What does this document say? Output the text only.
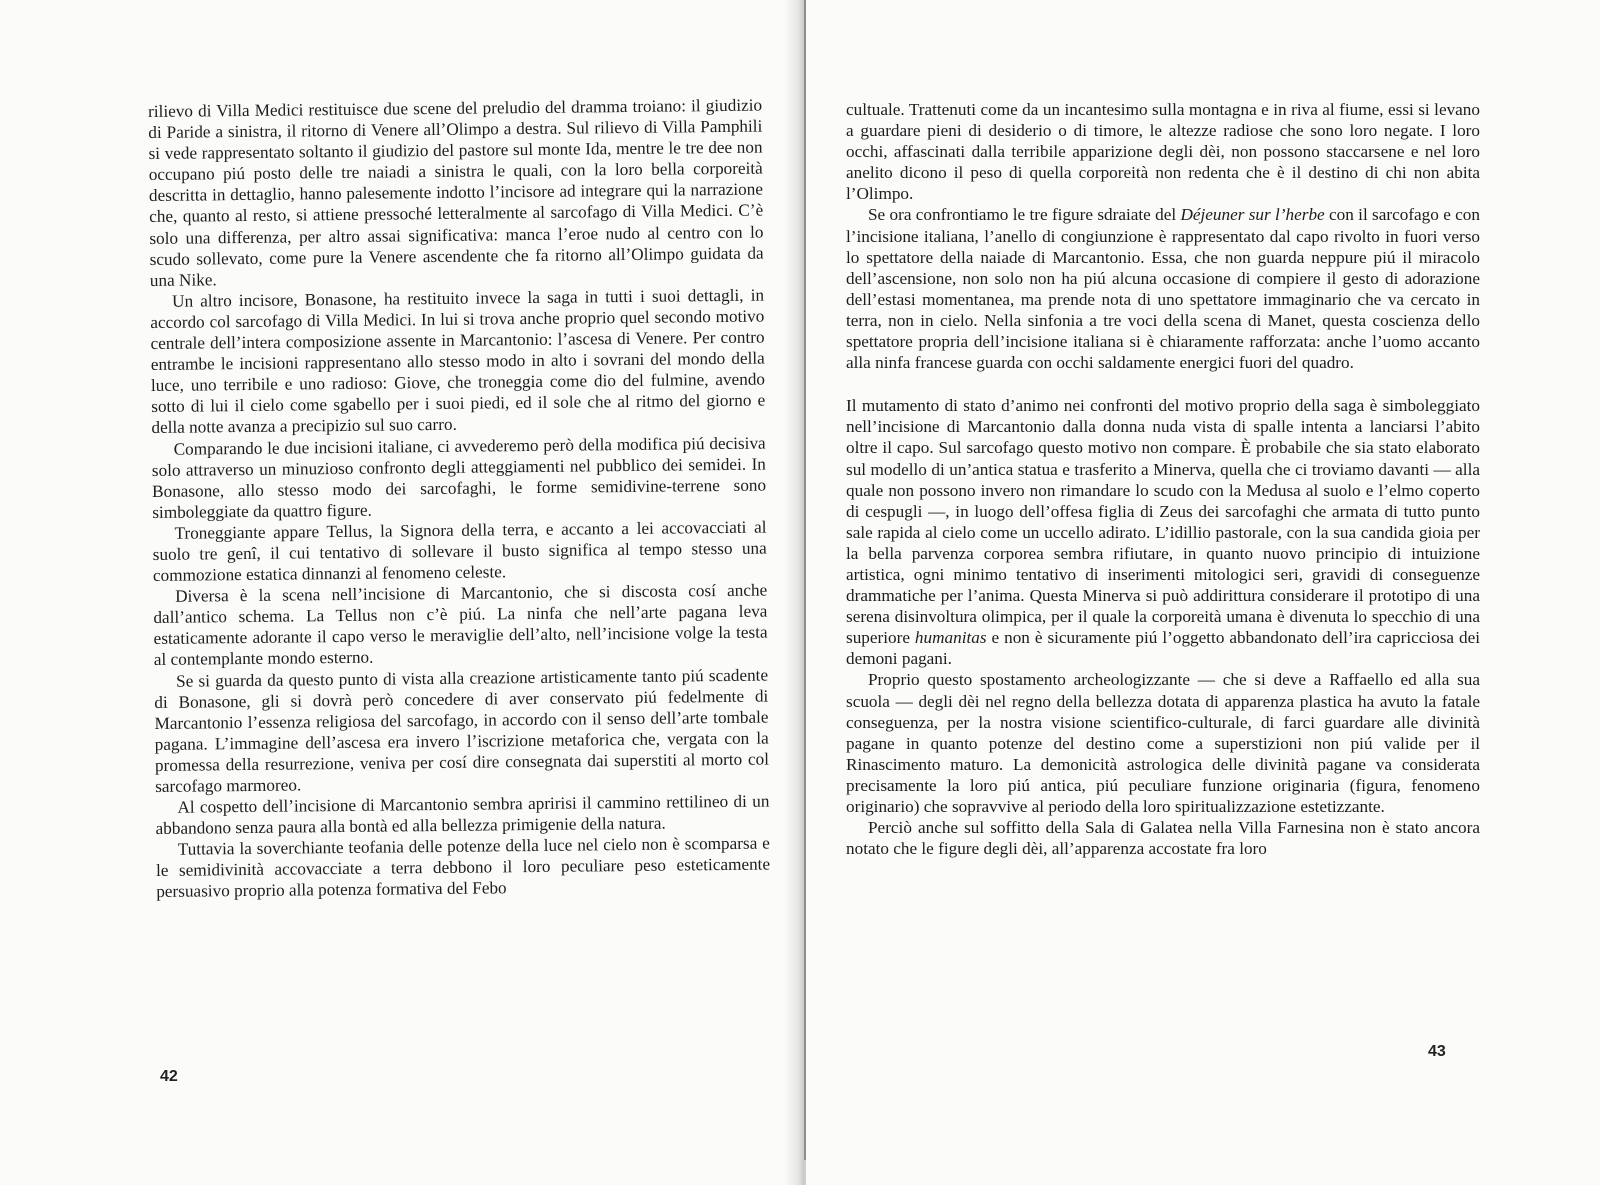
rilievo di Villa Medici restituisce due scene del preludio del dramma troiano: il giudizio di Paride a sinistra, il ritorno di Venere all’Olimpo a destra. Sul rilievo di Villa Pamphili si vede rappresentato soltanto il giudizio del pastore sul monte Ida, mentre le tre dee non occupano piú posto delle tre naiadi a sinistra le quali, con la loro bella corporeità descritta in dettaglio, hanno palesemente indotto l’incisore ad integrare qui la narrazione che, quanto al resto, si attiene pressoché letteralmente al sarcofago di Villa Medici. C’è solo una differenza, per altro assai significativa: manca l’eroe nudo al centro con lo scudo sollevato, come pure la Venere ascendente che fa ritorno all’Olimpo guidata da una Nike.

Un altro incisore, Bonasone, ha restituito invece la saga in tutti i suoi dettagli, in accordo col sarcofago di Villa Medici. In lui si trova anche proprio quel secondo motivo centrale dell’intera composizione assente in Marcantonio: l’ascesa di Venere. Per contro entrambe le incisioni rappresentano allo stesso modo in alto i sovrani del mondo della luce, uno terribile e uno radioso: Giove, che troneggia come dio del fulmine, avendo sotto di lui il cielo come sgabello per i suoi piedi, ed il sole che al ritmo del giorno e della notte avanza a precipizio sul suo carro.

Comparando le due incisioni italiane, ci avvederemo però della modifica piú decisiva solo attraverso un minuzioso confronto degli atteggiamenti nel pubblico dei semidei. In Bonasone, allo stesso modo dei sarcofaghi, le forme semidivine-terrene sono simboleggiate da quattro figure.

Troneggiante appare Tellus, la Signora della terra, e accanto a lei accovacciati al suolo tre genî, il cui tentativo di sollevare il busto significa al tempo stesso una commozione estatica dinnanzi al fenomeno celeste.

Diversa è la scena nell’incisione di Marcantonio, che si discosta cosí anche dall’antico schema. La Tellus non c’è piú. La ninfa che nell’arte pagana leva estaticamente adorante il capo verso le meraviglie dell’alto, nell’incisione volge la testa al contemplante mondo esterno.

Se si guarda da questo punto di vista alla creazione artisticamente tanto piú scadente di Bonasone, gli si dovrà però concedere di aver conservato piú fedelmente di Marcantonio l’essenza religiosa del sarcofago, in accordo con il senso dell’arte tombale pagana. L’immagine dell’ascesa era invero l’iscrizione metaforica che, vergata con la promessa della resurrezione, veniva per cosí dire consegnata dai superstiti al morto col sarcofago marmoreo.

Al cospetto dell’incisione di Marcantonio sembra apririsi il cammino rettilineo di un abbandono senza paura alla bontà ed alla bellezza primigenie della natura.

Tuttavia la soverchiante teofania delle potenze della luce nel cielo non è scomparsa e le semidivinità accovacciate a terra debbono il loro peculiare peso esteticamente persuasivo proprio alla potenza formativa del Febo

42

cultuale. Trattenuti come da un incantesimo sulla montagna e in riva al fiume, essi si levano a guardare pieni di desiderio o di timore, le altezze radiose che sono loro negate. I loro occhi, affascinati dalla terribile apparizione degli dèi, non possono staccarsene e nel loro anelito dicono il peso di quella corporeità non redenta che è il destino di chi non abita l’Olimpo.

Se ora confrontiamo le tre figure sdraiate del Déjeuner sur l’herbe con il sarcofago e con l’incisione italiana, l’anello di congiunzione è rappresentato dal capo rivolto in fuori verso lo spettatore della naiade di Marcantonio. Essa, che non guarda neppure piú il miracolo dell’ascensione, non solo non ha piú alcuna occasione di compiere il gesto di adorazione dell’estasi momentanea, ma prende nota di uno spettatore immaginario che va cercato in terra, non in cielo. Nella sinfonia a tre voci della scena di Manet, questa coscienza dello spettatore propria dell’incisione italiana si è chiaramente rafforzata: anche l’uomo accanto alla ninfa francese guarda con occhi saldamente energici fuori del quadro.

Il mutamento di stato d’animo nei confronti del motivo proprio della saga è simboleggiato nell’incisione di Marcantonio dalla donna nuda vista di spalle intenta a lanciarsi l’abito oltre il capo. Sul sarcofago questo motivo non compare. È probabile che sia stato elaborato sul modello di un’antica statua e trasferito a Minerva, quella che ci troviamo davanti — alla quale non possono invero non rimandare lo scudo con la Medusa al suolo e l’elmo coperto di cespugli —, in luogo dell’offesa figlia di Zeus dei sarcofaghi che armata di tutto punto sale rapida al cielo come un uccello adirato. L’idillio pastorale, con la sua candida gioia per la bella parvenza corporea sembra rifiutare, in quanto nuovo principio di intuizione artistica, ogni minimo tentativo di inserimenti mitologici seri, gravidi di conseguenze drammatiche per l’anima. Questa Minerva si può addirittura considerare il prototipo di una serena disinvoltura olimpica, per il quale la corporeità umana è divenuta lo specchio di una superiore humanitas e non è sicuramente piú l’oggetto abbandonato dell’ira capricciosa dei demoni pagani.

Proprio questo spostamento archeologizzante — che si deve a Raffaello ed alla sua scuola — degli dèi nel regno della bellezza dotata di apparenza plastica ha avuto la fatale conseguenza, per la nostra visione scientifico-culturale, di farci guardare alle divinità pagane in quanto potenze del destino come a superstizioni non piú valide per il Rinascimento maturo. La demonicità astrologica delle divinità pagane va considerata precisamente la loro piú antica, piú peculiare funzione originaria (figura, fenomeno originario) che sopravvive al periodo della loro spiritualizzazione estetizzante.

Perciò anche sul soffitto della Sala di Galatea nella Villa Farnesina non è stato ancora notato che le figure degli dèi, all’apparenza accostate fra loro

43
